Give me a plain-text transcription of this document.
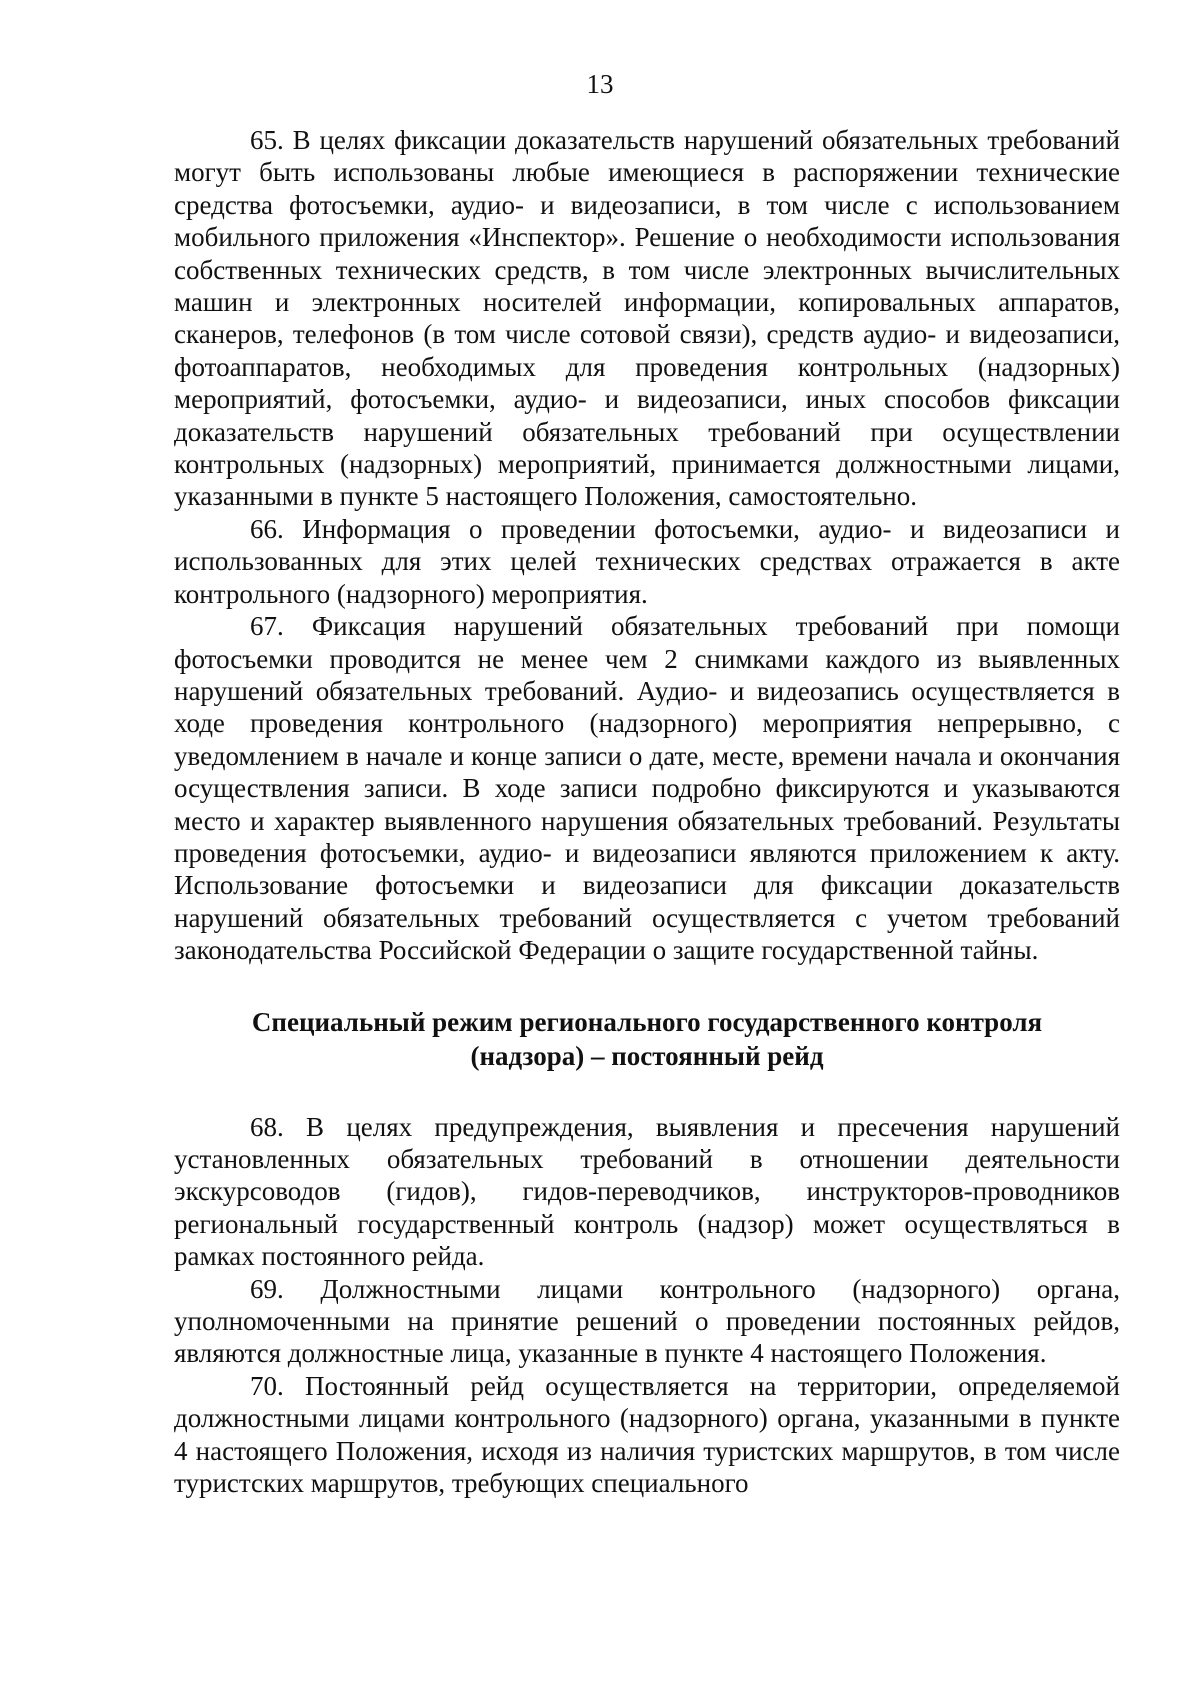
13

65. В целях фиксации доказательств нарушений обязательных требований могут быть использованы любые имеющиеся в распоряжении технические средства фотосъемки, аудио- и видеозаписи, в том числе с использованием мобильного приложения «Инспектор». Решение о необходимости использования собственных технических средств, в том числе электронных вычислительных машин и электронных носителей информации, копировальных аппаратов, сканеров, телефонов (в том числе сотовой связи), средств аудио- и видеозаписи, фотоаппаратов, необходимых для проведения контрольных (надзорных) мероприятий, фотосъемки, аудио- и видеозаписи, иных способов фиксации доказательств нарушений обязательных требований при осуществлении контрольных (надзорных) мероприятий, принимается должностными лицами, указанными в пункте 5 настоящего Положения, самостоятельно.

66. Информация о проведении фотосъемки, аудио- и видеозаписи и использованных для этих целей технических средствах отражается в акте контрольного (надзорного) мероприятия.

67. Фиксация нарушений обязательных требований при помощи фотосъемки проводится не менее чем 2 снимками каждого из выявленных нарушений обязательных требований. Аудио- и видеозапись осуществляется в ходе проведения контрольного (надзорного) мероприятия непрерывно, с уведомлением в начале и конце записи о дате, месте, времени начала и окончания осуществления записи. В ходе записи подробно фиксируются и указываются место и характер выявленного нарушения обязательных требований. Результаты проведения фотосъемки, аудио- и видеозаписи являются приложением к акту. Использование фотосъемки и видеозаписи для фиксации доказательств нарушений обязательных требований осуществляется с учетом требований законодательства Российской Федерации о защите государственной тайны.

Специальный режим регионального государственного контроля
(надзора) – постоянный рейд

68. В целях предупреждения, выявления и пресечения нарушений установленных обязательных требований в отношении деятельности экскурсоводов (гидов), гидов-переводчиков, инструкторов-проводников региональный государственный контроль (надзор) может осуществляться в рамках постоянного рейда.

69. Должностными лицами контрольного (надзорного) органа, уполномоченными на принятие решений о проведении постоянных рейдов, являются должностные лица, указанные в пункте 4 настоящего Положения.

70. Постоянный рейд осуществляется на территории, определяемой должностными лицами контрольного (надзорного) органа, указанными в пункте 4 настоящего Положения, исходя из наличия туристских маршрутов, в том числе туристских маршрутов, требующих специального
